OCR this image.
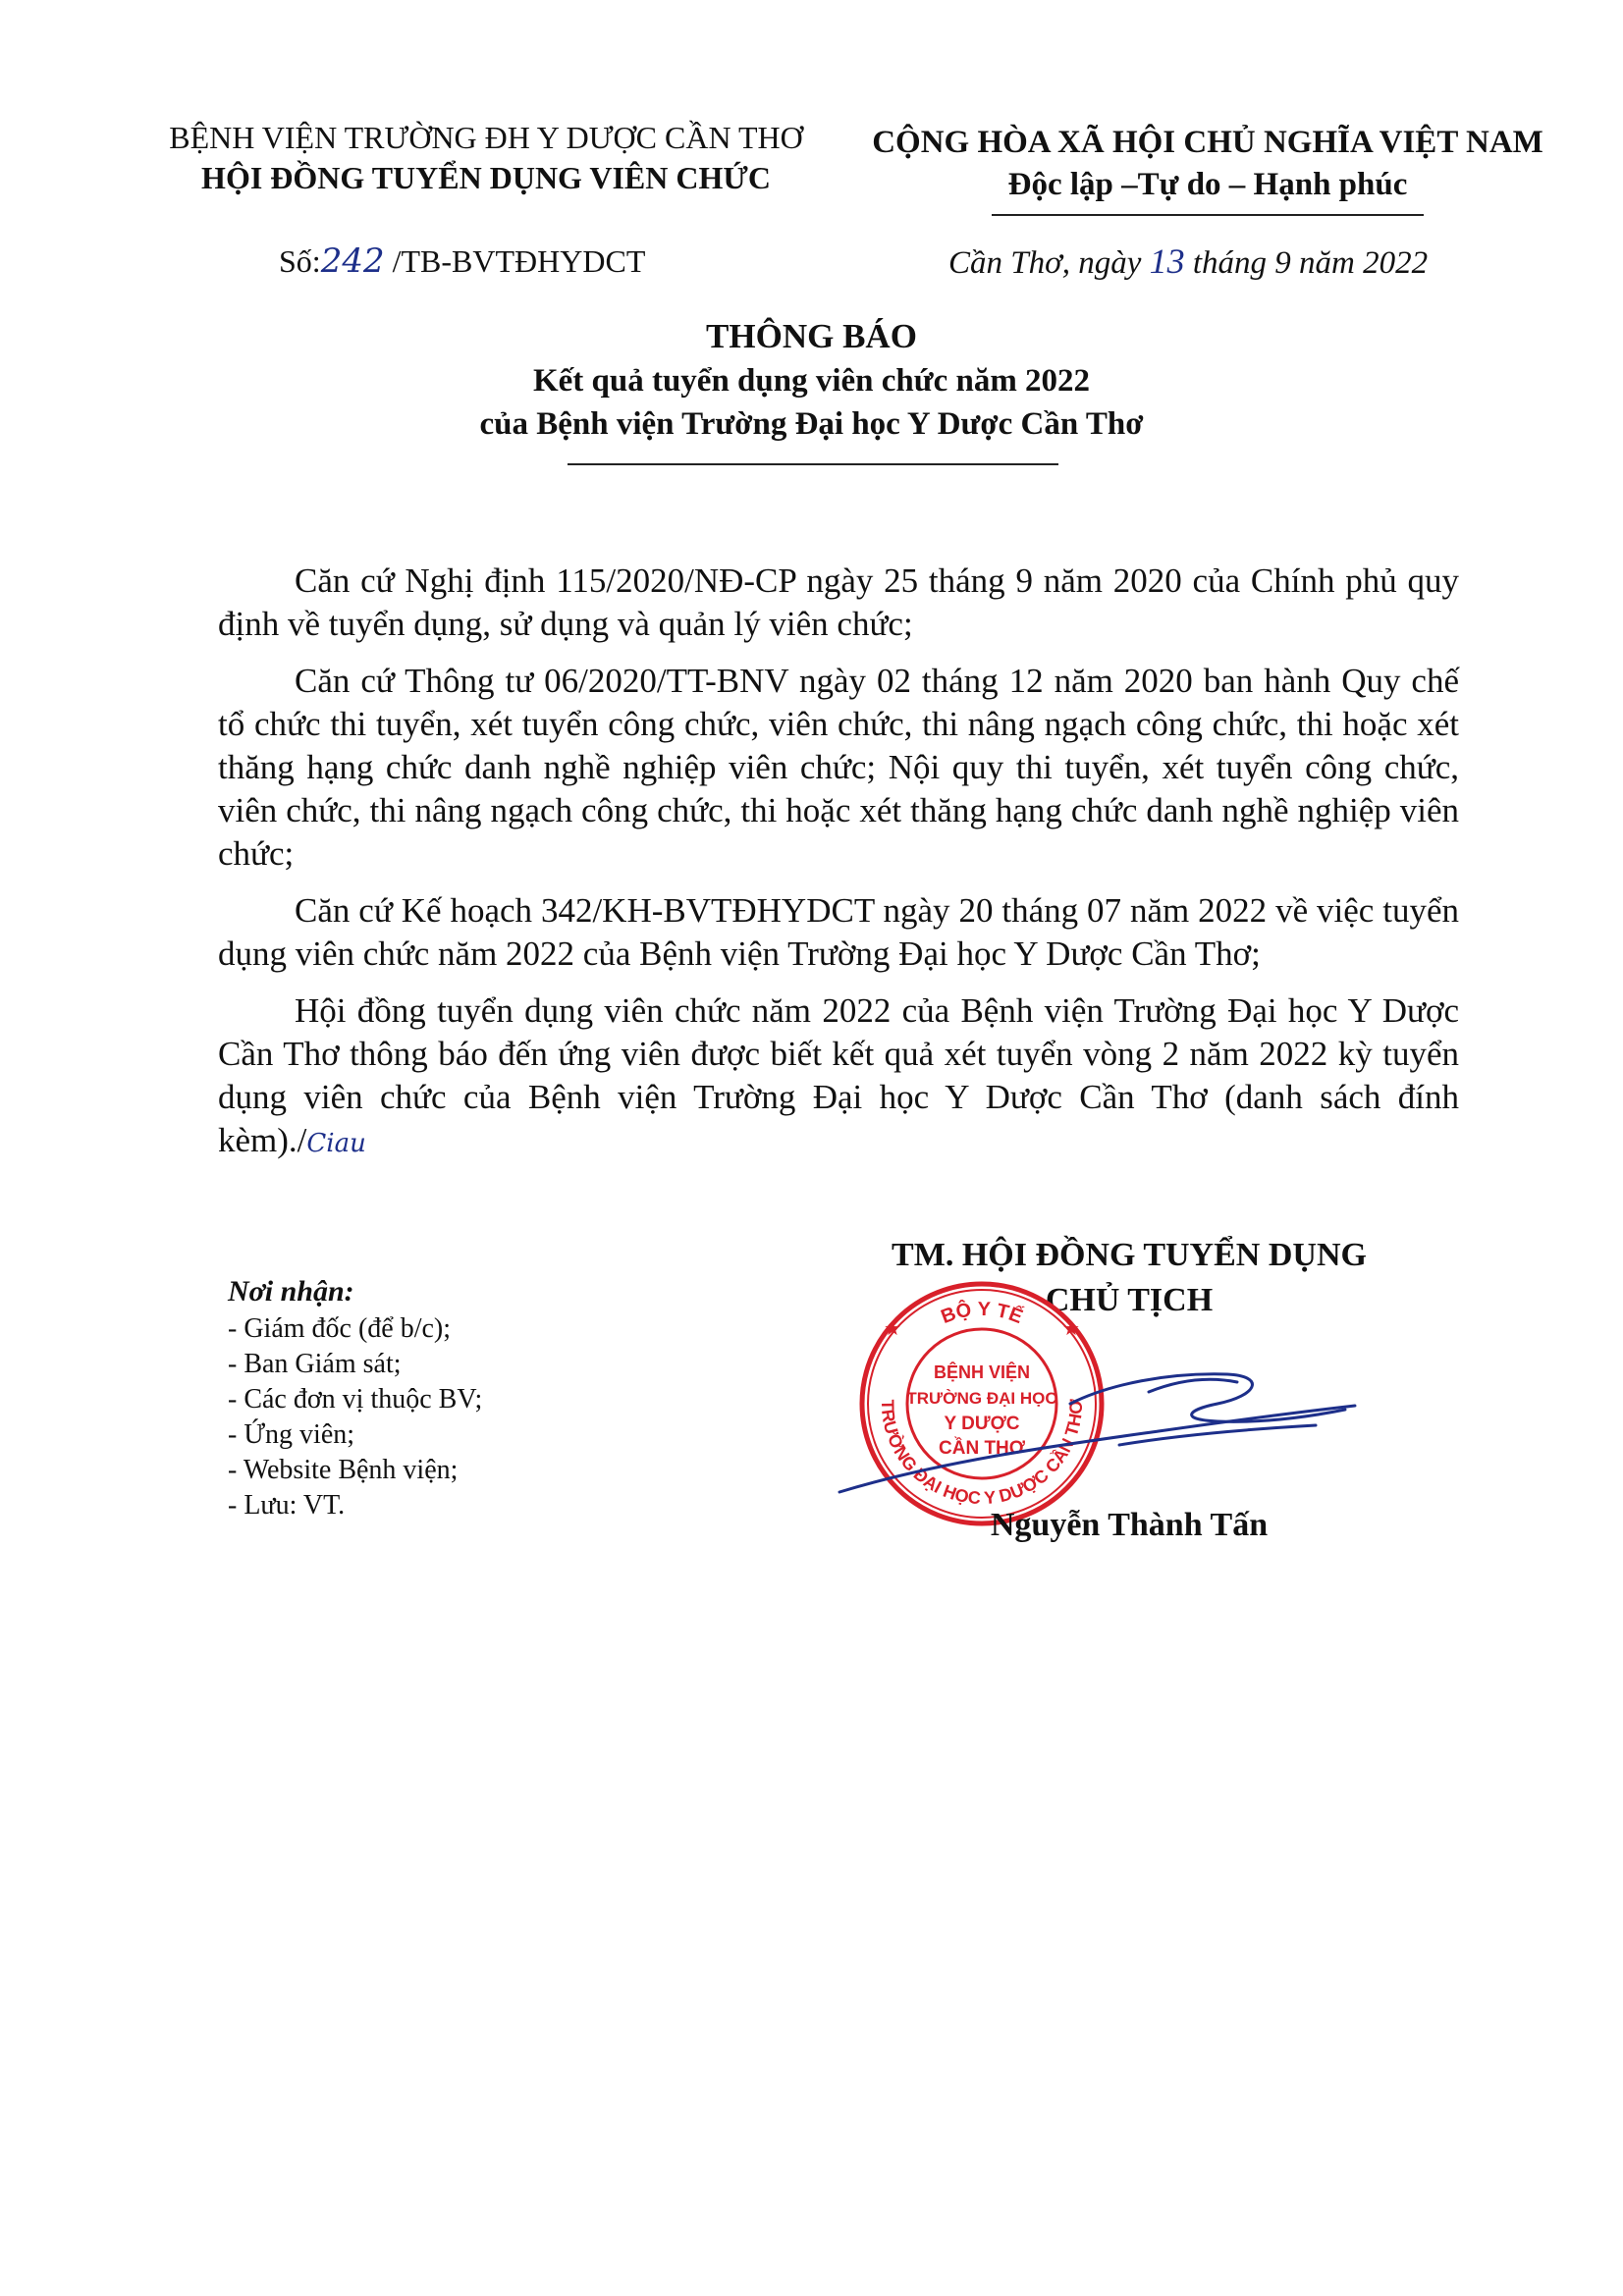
BỆNH VIỆN TRƯỜNG ĐH Y DƯỢC CẦN THƠ
HỘI ĐỒNG TUYỂN DỤNG VIÊN CHỨC
CỘNG HÒA XÃ HỘI CHỦ NGHĨA VIỆT NAM
Độc lập –Tự do – Hạnh phúc
Số:242 /TB-BVTĐHYDCT	Cần Thơ, ngày 13 tháng 9 năm 2022
THÔNG BÁO
Kết quả tuyển dụng viên chức năm 2022
của Bệnh viện Trường Đại học Y Dược Cần Thơ

Căn cứ Nghị định 115/2020/NĐ-CP ngày 25 tháng 9 năm 2020 của Chính phủ quy định về tuyển dụng, sử dụng và quản lý viên chức;

Căn cứ Thông tư 06/2020/TT-BNV ngày 02 tháng 12 năm 2020 ban hành Quy chế tổ chức thi tuyển, xét tuyển công chức, viên chức, thi nâng ngạch công chức, thi hoặc xét thăng hạng chức danh nghề nghiệp viên chức; Nội quy thi tuyển, xét tuyển công chức, viên chức, thi nâng ngạch công chức, thi hoặc xét thăng hạng chức danh nghề nghiệp viên chức;

Căn cứ Kế hoạch 342/KH-BVTĐHYDCT ngày 20 tháng 07 năm 2022 về việc tuyển dụng viên chức năm 2022 của Bệnh viện Trường Đại học Y Dược Cần Thơ;

Hội đồng tuyển dụng viên chức năm 2022 của Bệnh viện Trường Đại học Y Dược Cần Thơ thông báo đến ứng viên được biết kết quả xét tuyển vòng 2 năm 2022 kỳ tuyển dụng viên chức của Bệnh viện Trường Đại học Y Dược Cần Thơ (danh sách đính kèm)./Ciau

Nơi nhận:
- Giám đốc (để b/c);
- Ban Giám sát;
- Các đơn vị thuộc BV;
- Ứng viên;
- Website Bệnh viện;
- Lưu: VT.
TM. HỘI ĐỒNG TUYỂN DỤNG
CHỦ TỊCH
BỘ Y TẾ
TRƯỜNG ĐẠI HỌC Y DƯỢC CẦN THƠ
★	★
BỆNH VIỆN
TRƯỜNG ĐẠI HỌC
Y DƯỢC
CẦN THƠ
Nguyễn Thành Tấn
